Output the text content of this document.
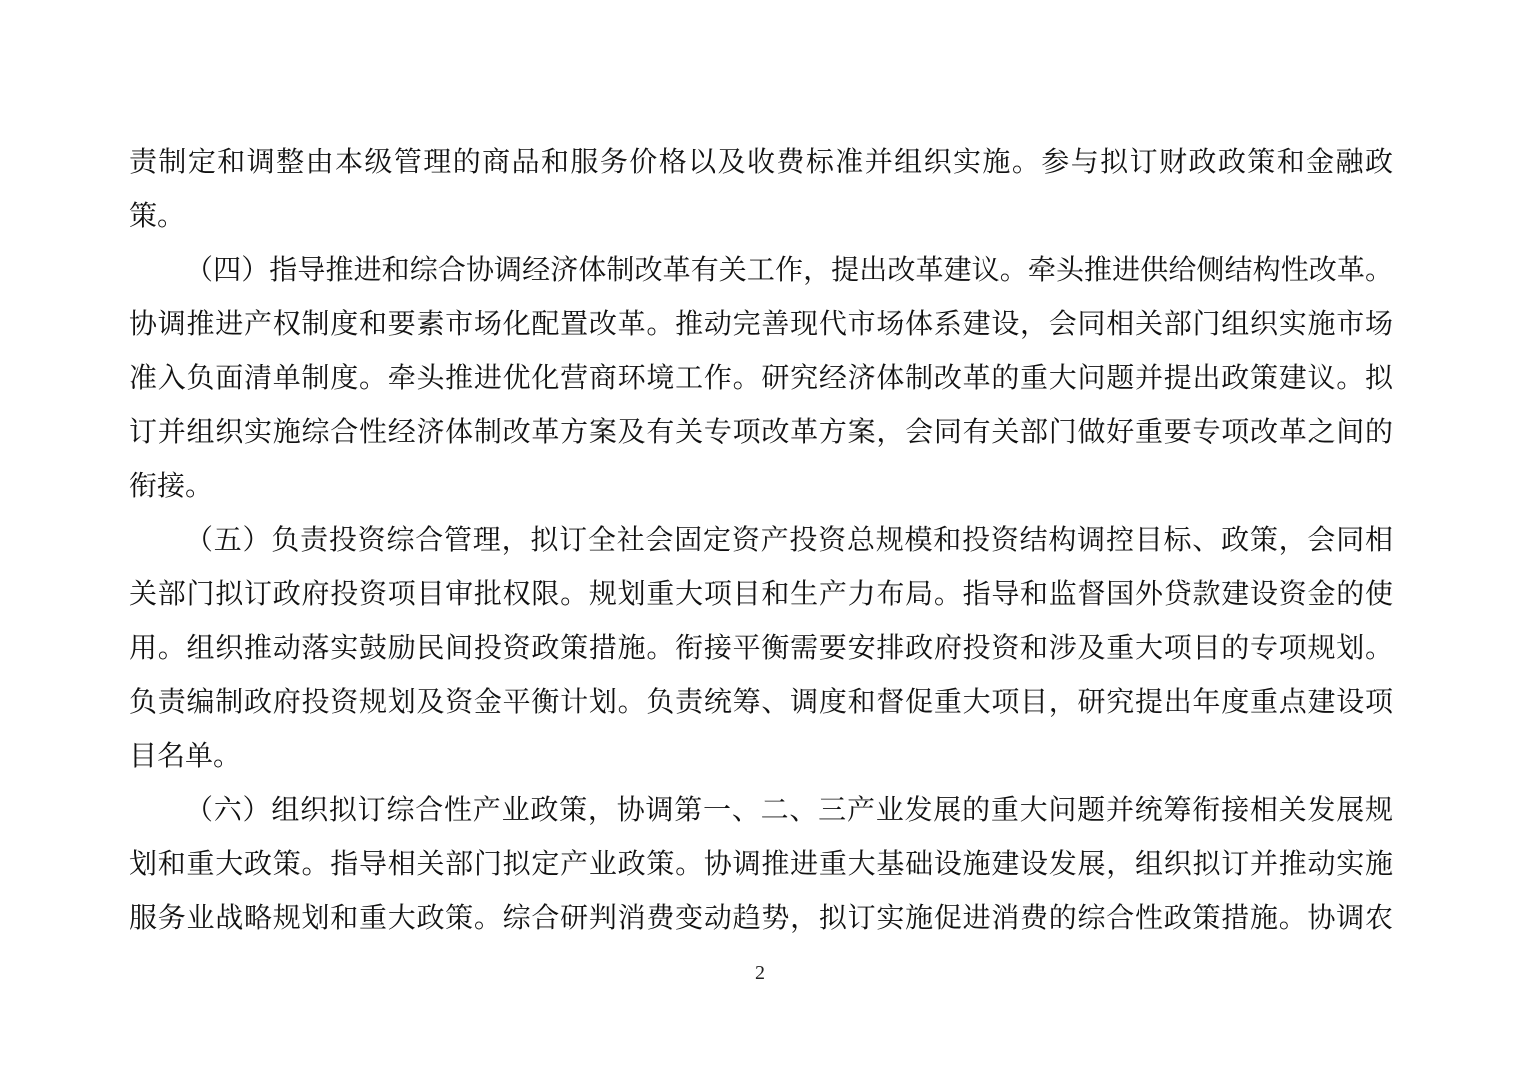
责制定和调整由本级管理的商品和服务价格以及收费标准并组织实施。参与拟订财政政策和金融政
策。
（四）指导推进和综合协调经济体制改革有关工作，提出改革建议。牵头推进供给侧结构性改革。
协调推进产权制度和要素市场化配置改革。推动完善现代市场体系建设，会同相关部门组织实施市场
准入负面清单制度。牵头推进优化营商环境工作。研究经济体制改革的重大问题并提出政策建议。拟
订并组织实施综合性经济体制改革方案及有关专项改革方案，会同有关部门做好重要专项改革之间的
衔接。
（五）负责投资综合管理，拟订全社会固定资产投资总规模和投资结构调控目标、政策，会同相
关部门拟订政府投资项目审批权限。规划重大项目和生产力布局。指导和监督国外贷款建设资金的使
用。组织推动落实鼓励民间投资政策措施。衔接平衡需要安排政府投资和涉及重大项目的专项规划。
负责编制政府投资规划及资金平衡计划。负责统筹、调度和督促重大项目，研究提出年度重点建设项
目名单。
（六）组织拟订综合性产业政策，协调第一、二、三产业发展的重大问题并统筹衔接相关发展规
划和重大政策。指导相关部门拟定产业政策。协调推进重大基础设施建设发展，组织拟订并推动实施
服务业战略规划和重大政策。综合研判消费变动趋势，拟订实施促进消费的综合性政策措施。协调农
2
